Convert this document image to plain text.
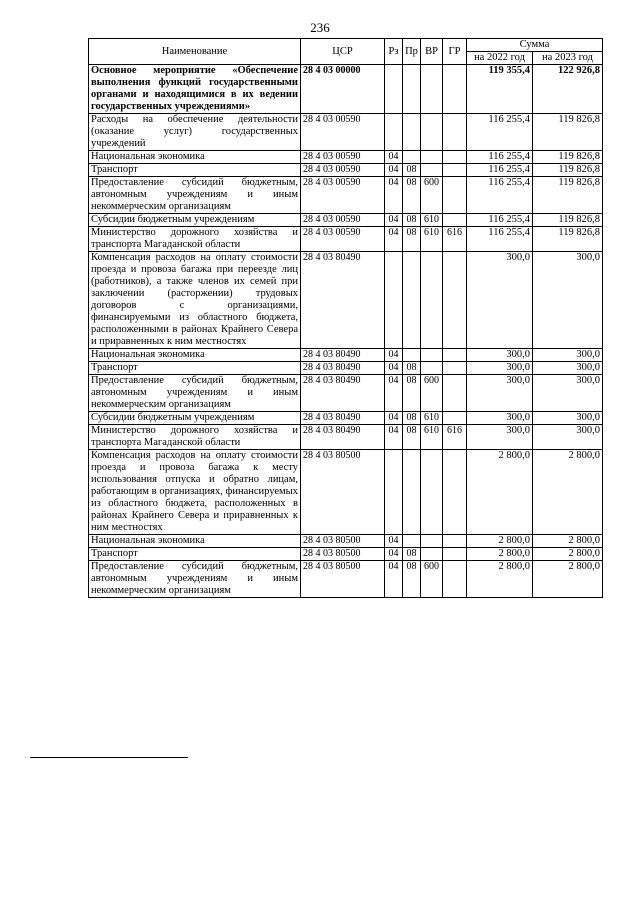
236
Наименование	ЦСР	Рз	Пр	ВР	ГР	Сумма	
						на 2022 год	на 2023 год
Основное мероприятие «Обеспечение выполнения функций государственными органами и находящимися в их ведении государственных учреждениями»	28 4 03 00000					119 355,4	122 926,8
Расходы на обеспечение деятельности (оказание услуг) государственных учреждений	28 4 03 00590					116 255,4	119 826,8
Национальная экономика	28 4 03 00590	04				116 255,4	119 826,8
Транспорт	28 4 03 00590	04	08			116 255,4	119 826,8
Предоставление субсидий бюджетным, автономным учреждениям и иным некоммерческим организациям	28 4 03 00590	04	08	600		116 255,4	119 826,8
Субсидии бюджетным учреждениям	28 4 03 00590	04	08	610		116 255,4	119 826,8
Министерство дорожного хозяйства и транспорта Магаданской области	28 4 03 00590	04	08	610	616	116 255,4	119 826,8
Компенсация расходов на оплату стоимости проезда и провоза багажа при переезде лиц (работников), а также членов их семей при заключении (расторжении) трудовых договоров с организациями, финансируемыми из областного бюджета, расположенными в районах Крайнего Севера и приравненных к ним местностях	28 4 03 80490					300,0	300,0
Национальная экономика	28 4 03 80490	04				300,0	300,0
Транспорт	28 4 03 80490	04	08			300,0	300,0
Предоставление субсидий бюджетным, автономным учреждениям и иным некоммерческим организациям	28 4 03 80490	04	08	600		300,0	300,0
Субсидии бюджетным учреждениям	28 4 03 80490	04	08	610		300,0	300,0
Министерство дорожного хозяйства и транспорта Магаданской области	28 4 03 80490	04	08	610	616	300,0	300,0
Компенсация расходов на оплату стоимости проезда и провоза багажа к месту использования отпуска и обратно лицам, работающим в организациях, финансируемых из областного бюджета, расположенных в районах Крайнего Севера и приравненных к ним местностях	28 4 03 80500					2 800,0	2 800,0
Национальная экономика	28 4 03 80500	04				2 800,0	2 800,0
Транспорт	28 4 03 80500	04	08			2 800,0	2 800,0
Предоставление субсидий бюджетным, автономным учреждениям и иным некоммерческим организациям	28 4 03 80500	04	08	600		2 800,0	2 800,0
